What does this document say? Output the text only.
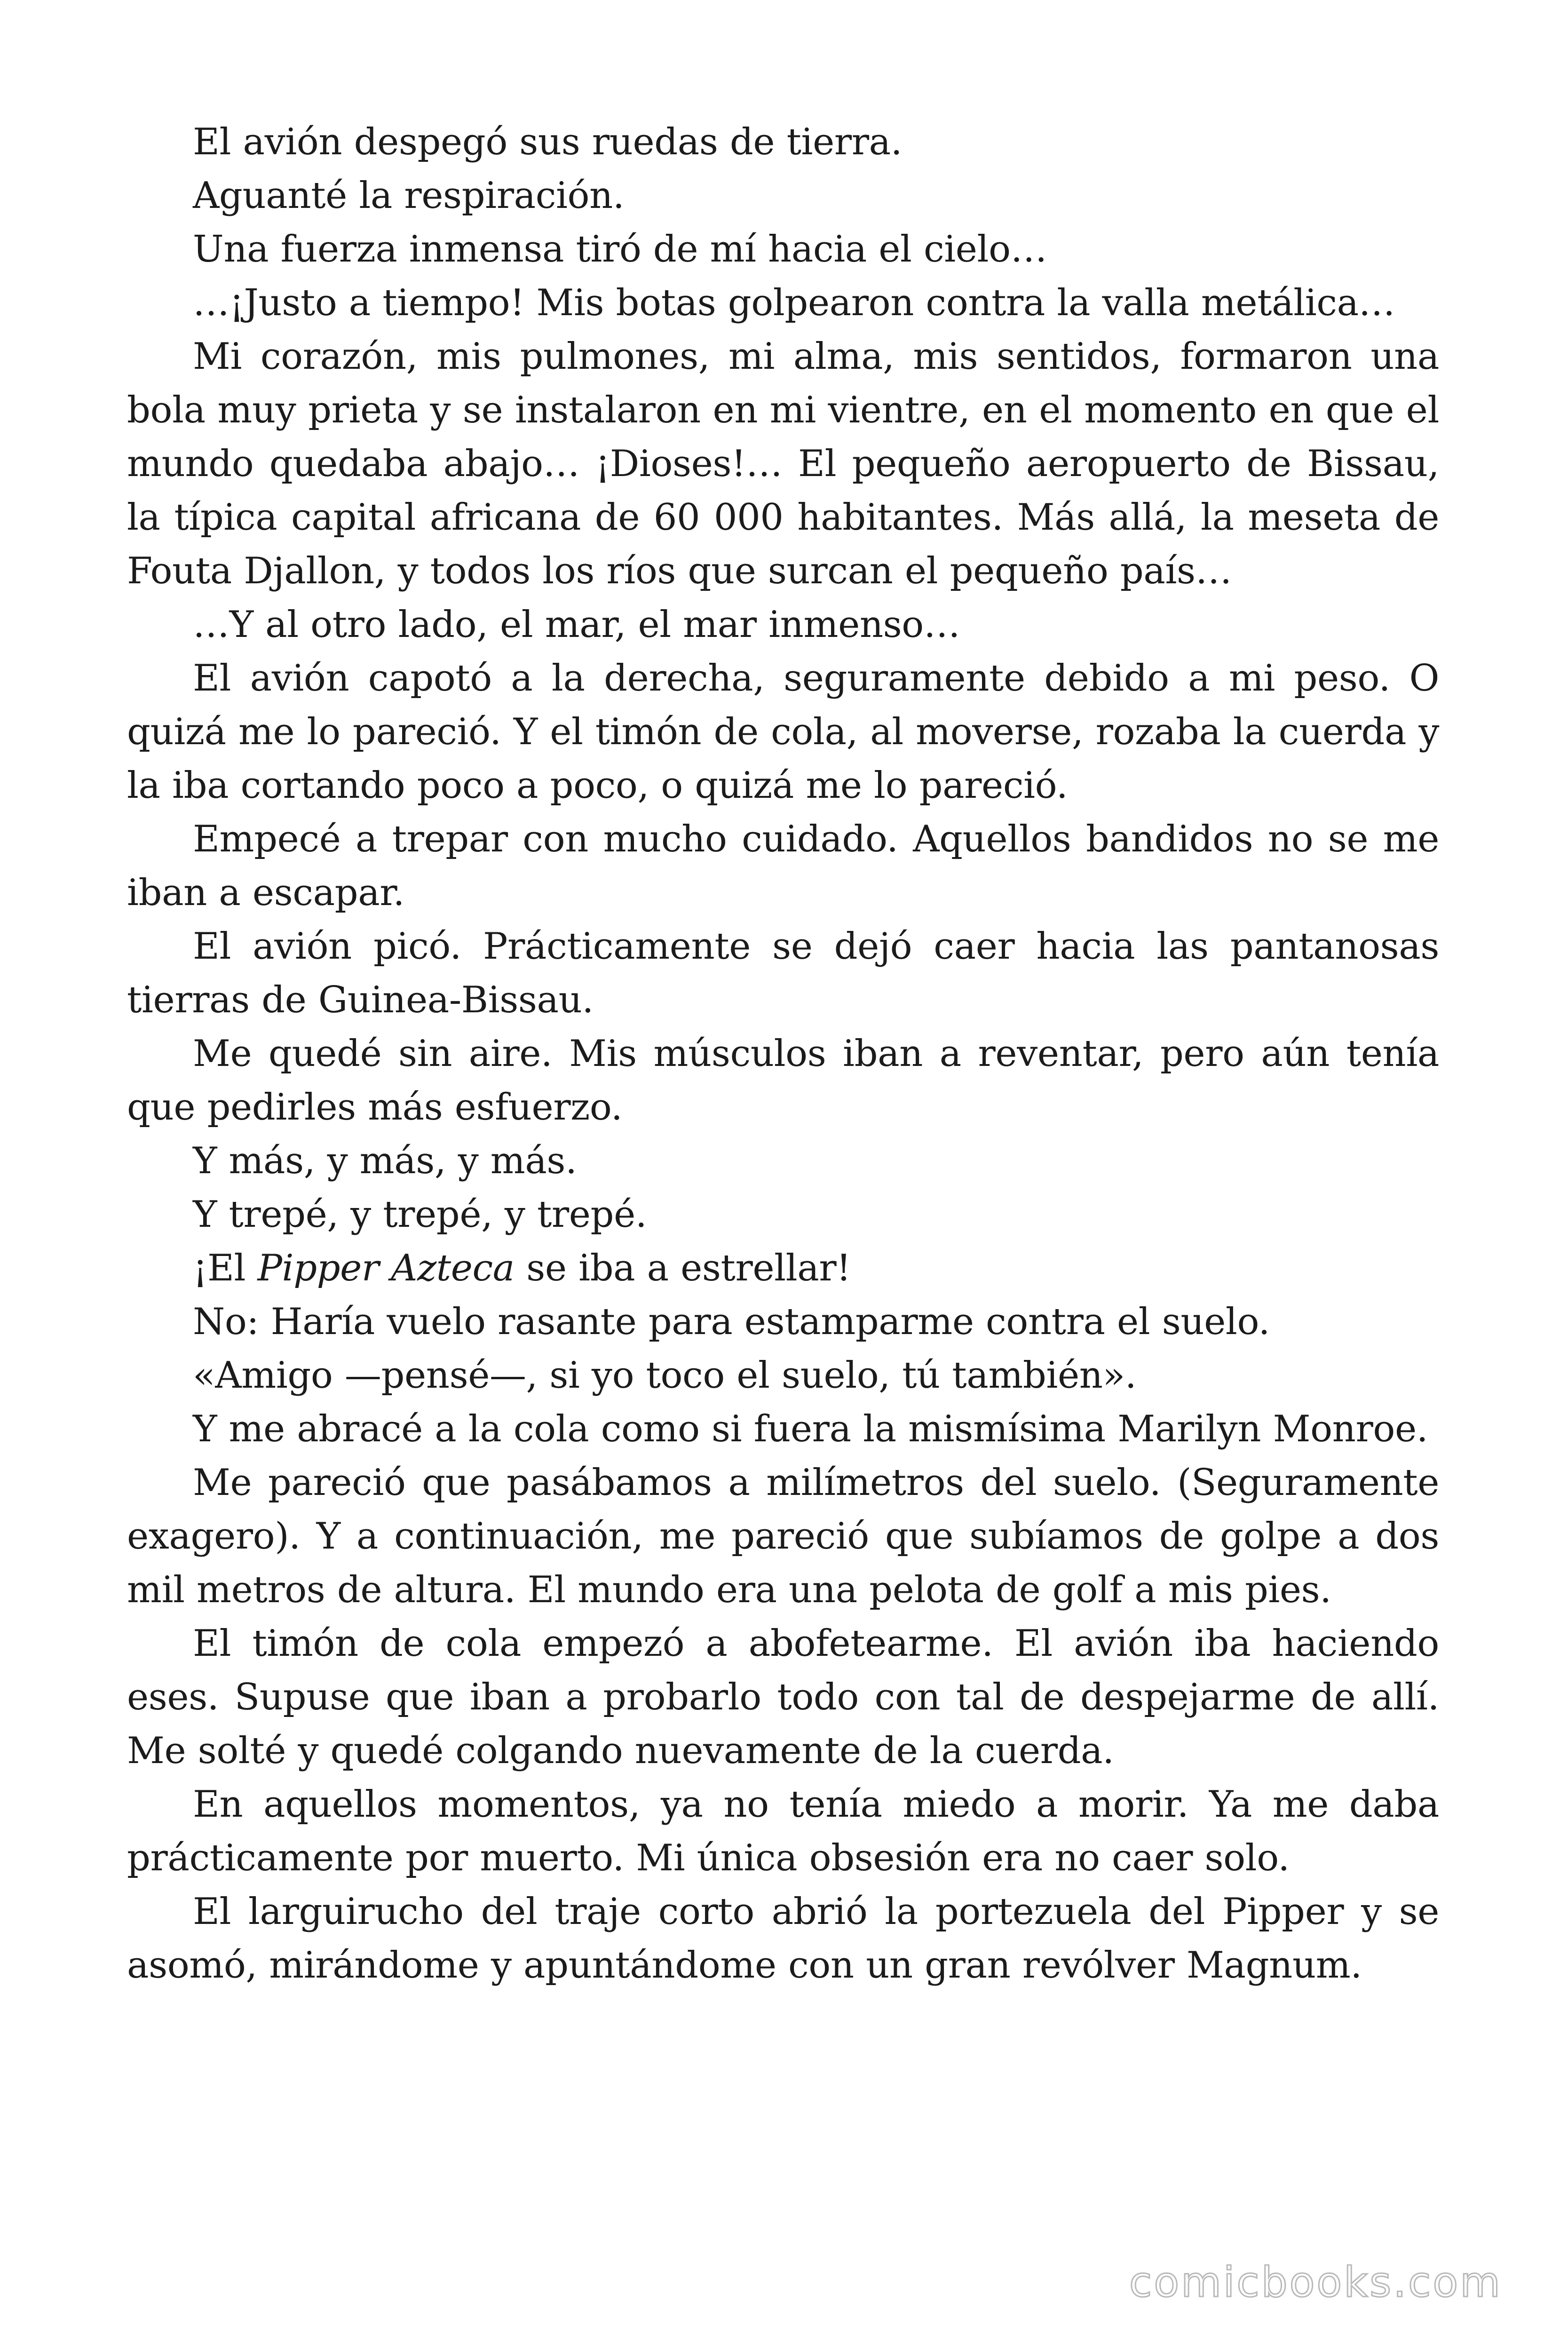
El avión despegó sus ruedas de tierra.

Aguanté la respiración.

Una fuerza inmensa tiró de mí hacia el cielo…

…¡Justo a tiempo! Mis botas golpearon contra la valla metálica…

Mi corazón, mis pulmones, mi alma, mis sentidos, formaron una bola muy prieta y se instalaron en mi vientre, en el momento en que el mundo quedaba abajo… ¡Dioses!… El pequeño aeropuerto de Bissau, la típica capital africana de 60 000 habitantes. Más allá, la meseta de Fouta Djallon, y todos los ríos que surcan el pequeño país…

…Y al otro lado, el mar, el mar inmenso…

El avión capotó a la derecha, seguramente debido a mi peso. O quizá me lo pareció. Y el timón de cola, al moverse, rozaba la cuerda y la iba cortando poco a poco, o quizá me lo pareció.

Empecé a trepar con mucho cuidado. Aquellos bandidos no se me iban a escapar.

El avión picó. Prácticamente se dejó caer hacia las pantanosas tierras de Guinea-Bissau.

Me quedé sin aire. Mis músculos iban a reventar, pero aún tenía que pedirles más esfuerzo.

Y más, y más, y más.

Y trepé, y trepé, y trepé.

¡El Pipper Azteca se iba a estrellar!

No: Haría vuelo rasante para estamparme contra el suelo.

«Amigo —pensé—, si yo toco el suelo, tú también».

Y me abracé a la cola como si fuera la mismísima Marilyn Monroe.

Me pareció que pasábamos a milímetros del suelo. (Seguramente exagero). Y a continuación, me pareció que subíamos de golpe a dos mil metros de altura. El mundo era una pelota de golf a mis pies.

El timón de cola empezó a abofetearme. El avión iba haciendo eses. Supuse que iban a probarlo todo con tal de despejarme de allí. Me solté y quedé colgando nuevamente de la cuerda.

En aquellos momentos, ya no tenía miedo a morir. Ya me daba prácticamente por muerto. Mi única obsesión era no caer solo.

El larguirucho del traje corto abrió la portezuela del Pipper y se asomó, mirándome y apuntándome con un gran revólver Magnum.

comicbooks.com
